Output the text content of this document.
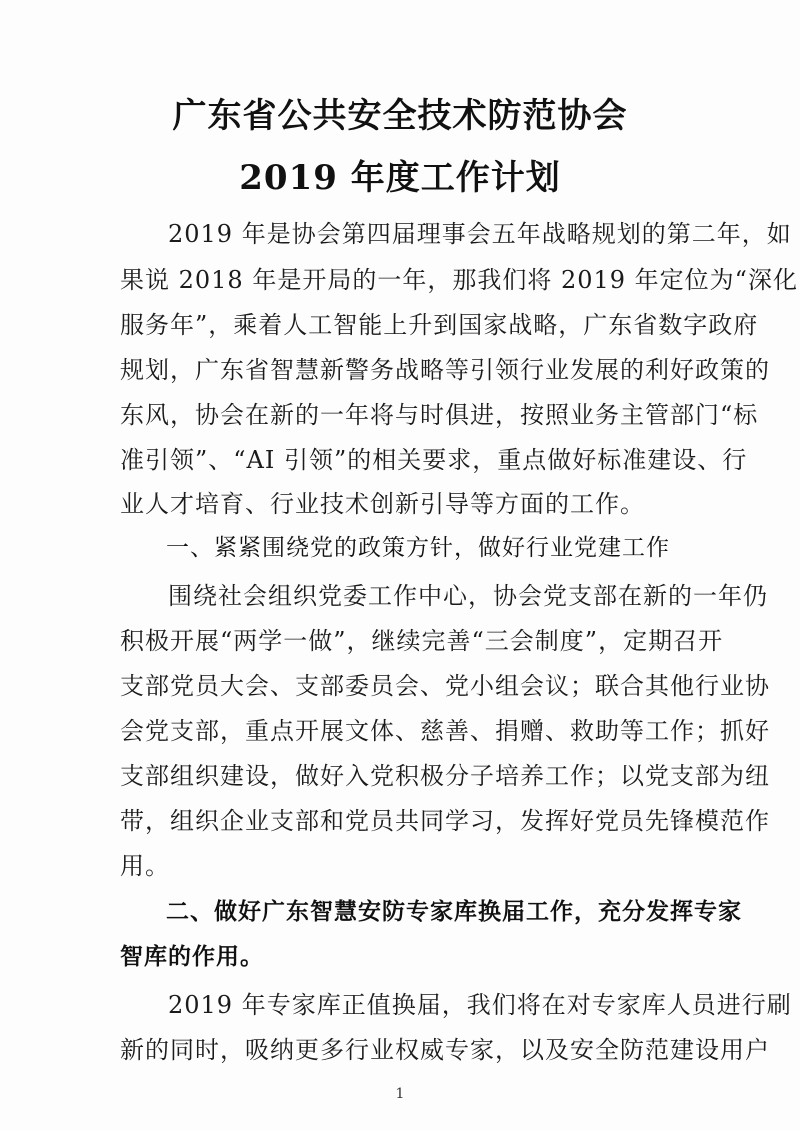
广东省公共安全技术防范协会
2019 年度工作计划
2019 年是协会第四届理事会五年战略规划的第二年，如
果说 2018 年是开局的一年，那我们将 2019 年定位为“深化
服务年”，乘着人工智能上升到国家战略，广东省数字政府
规划，广东省智慧新警务战略等引领行业发展的利好政策的
东风，协会在新的一年将与时俱进，按照业务主管部门“标
准引领”、“AI 引领”的相关要求，重点做好标准建设、行
业人才培育、行业技术创新引导等方面的工作。
一、紧紧围绕党的政策方针，做好行业党建工作
围绕社会组织党委工作中心，协会党支部在新的一年仍
积极开展“两学一做”，继续完善“三会制度”，定期召开
支部党员大会、支部委员会、党小组会议；联合其他行业协
会党支部，重点开展文体、慈善、捐赠、救助等工作；抓好
支部组织建设，做好入党积极分子培养工作；以党支部为纽
带，组织企业支部和党员共同学习，发挥好党员先锋模范作
用。
二、做好广东智慧安防专家库换届工作，充分发挥专家
智库的作用。
2019 年专家库正值换届，我们将在对专家库人员进行刷
新的同时，吸纳更多行业权威专家，以及安全防范建设用户
1
